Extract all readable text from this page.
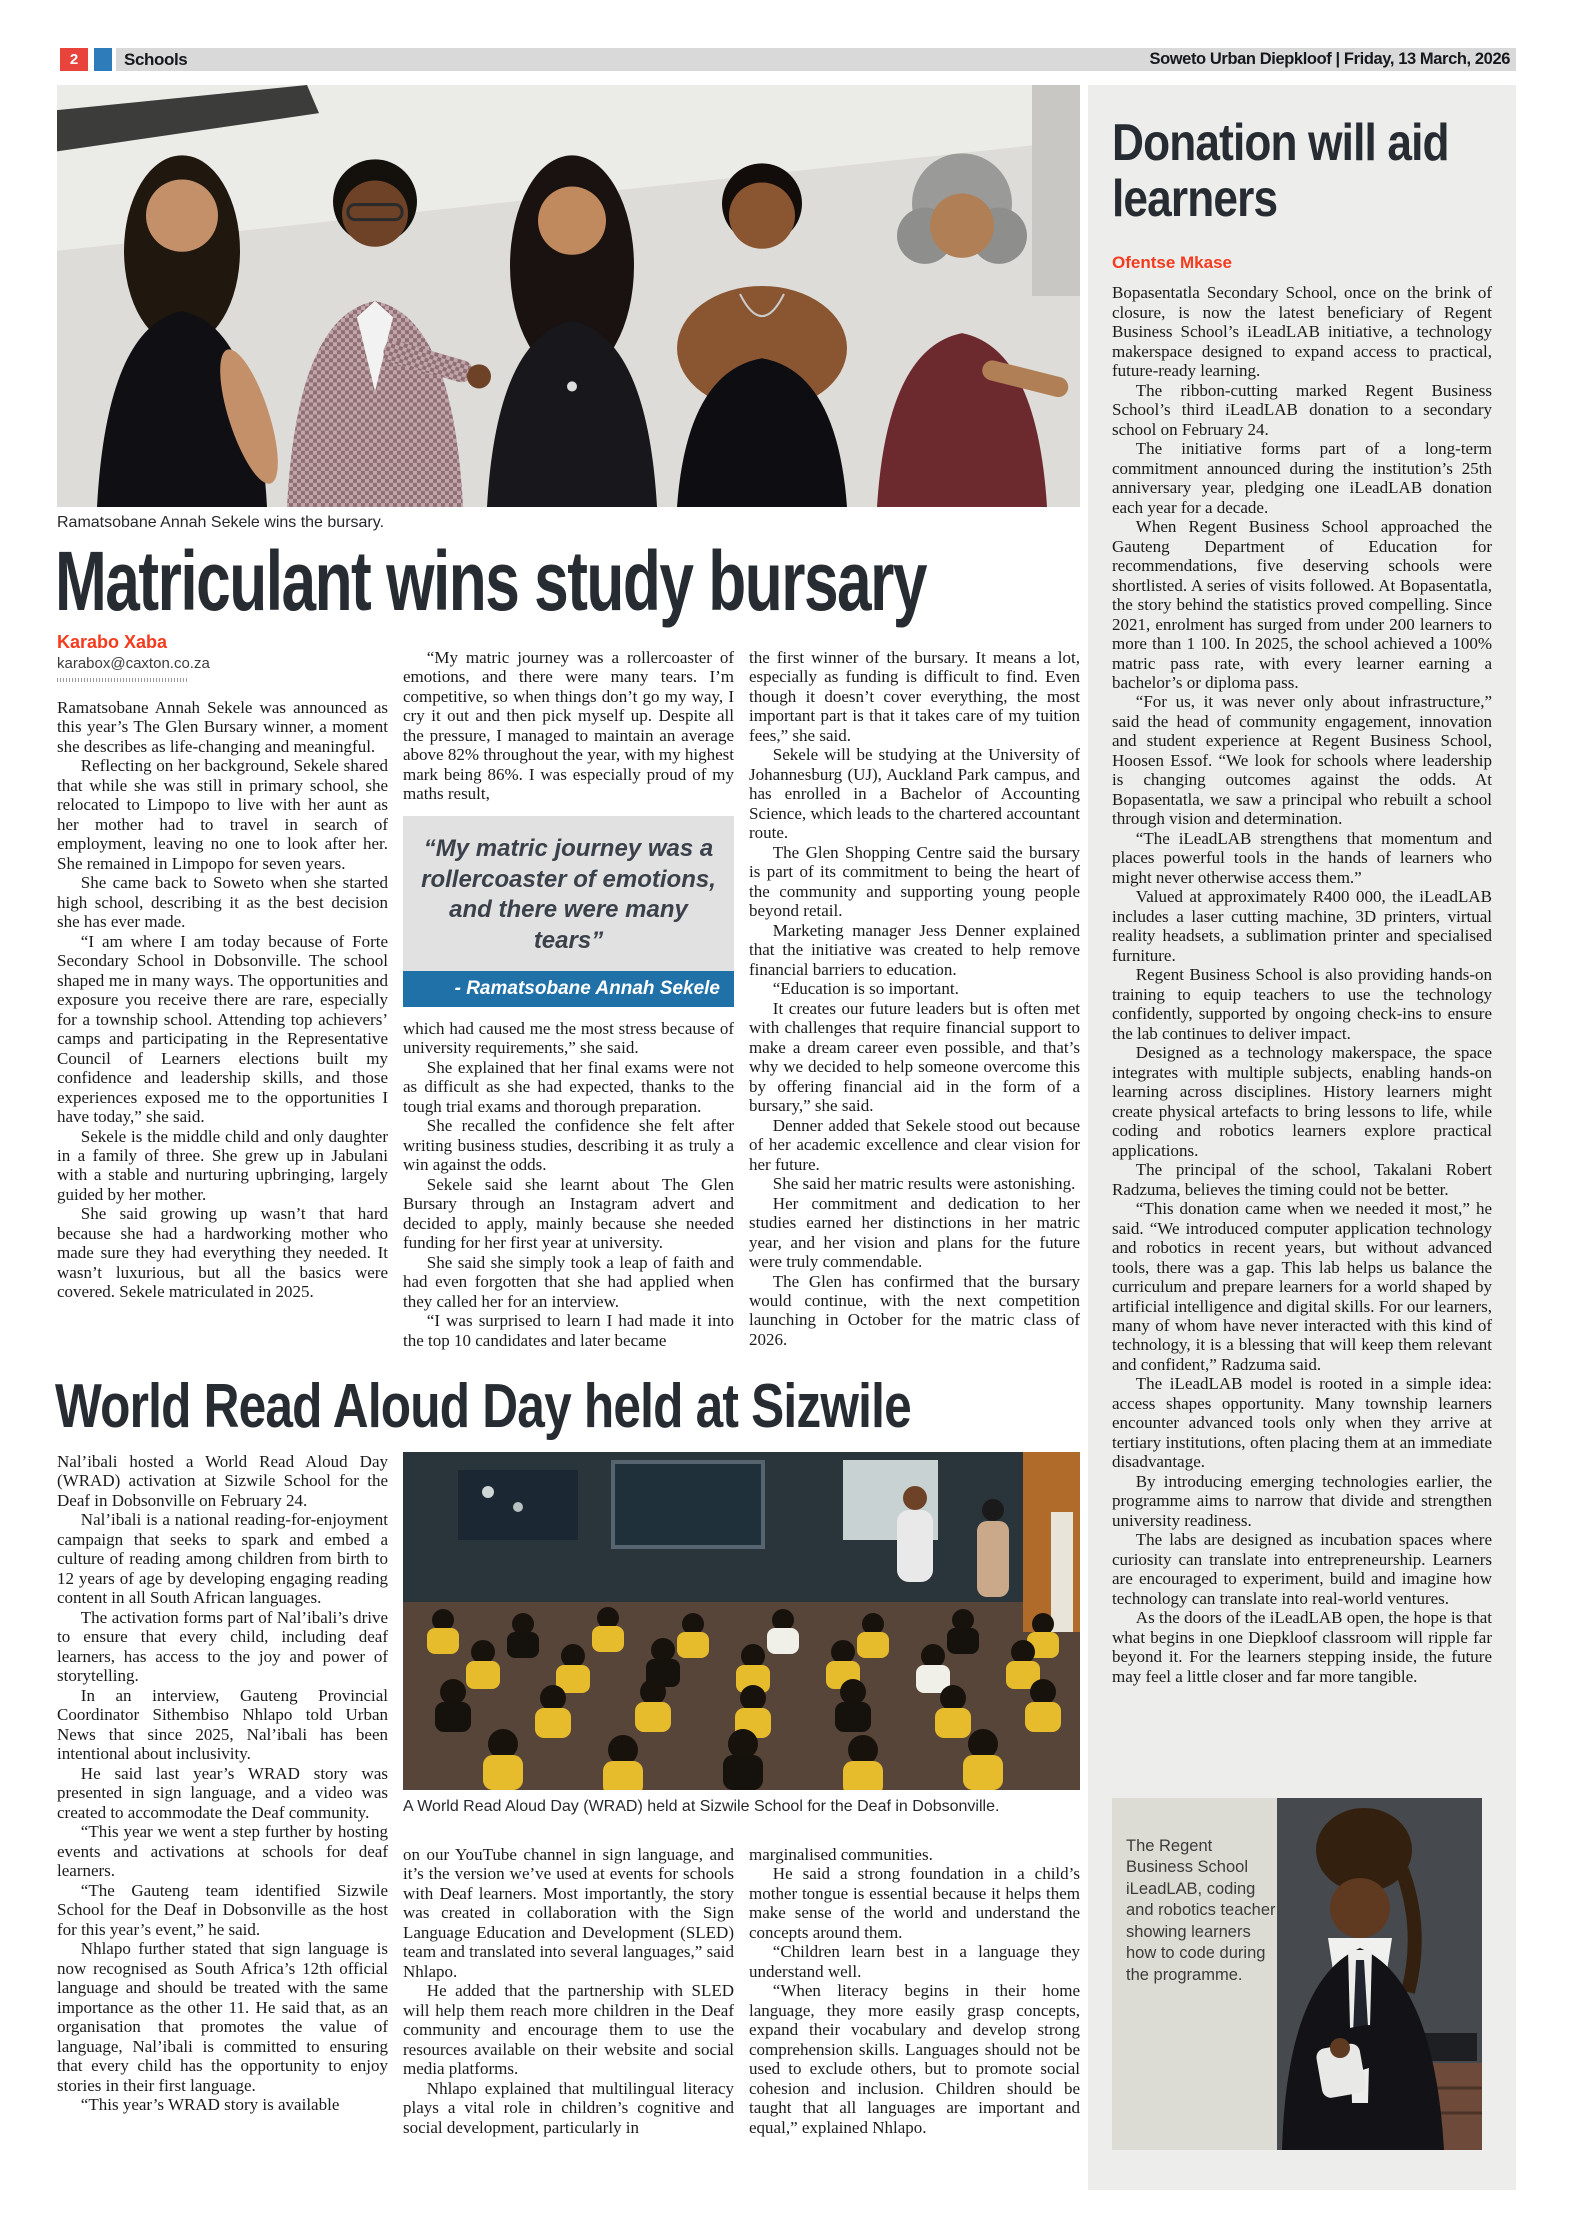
2	Schools	Soweto Urban Diepkloof | Friday, 13 March, 2026
Ramatsobane Annah Sekele wins the bursary.
Matriculant wins study bursary
Karabo Xaba
karabox@caxton.co.za

Ramatsobane Annah Sekele was announced as this year’s The Glen Bursary winner, a moment she describes as life-changing and meaningful.

Reflecting on her background, Sekele shared that while she was still in primary school, she relocated to Limpopo to live with her aunt as her mother had to travel in search of employment, leaving no one to look after her. She remained in Limpopo for seven years.

She came back to Soweto when she started high school, describing it as the best decision she has ever made.

“I am where I am today because of Forte Secondary School in Dobsonville. The school shaped me in many ways. The opportunities and exposure you receive there are rare, especially for a township school. Attending top achievers’ camps and participating in the Representative Council of Learners elections built my confidence and leadership skills, and those experiences exposed me to the opportunities I have today,” she said.

Sekele is the middle child and only daughter in a family of three. She grew up in Jabulani with a stable and nurturing upbringing, largely guided by her mother.

She said growing up wasn’t that hard because she had a hardworking mother who made sure they had everything they needed. It wasn’t luxurious, but all the basics were covered. Sekele matriculated in 2025.

“My matric journey was a rollercoaster of emotions, and there were many tears. I’m competitive, so when things don’t go my way, I cry it out and then pick myself up. Despite all the pressure, I managed to maintain an average above 82% throughout the year, with my highest mark being 86%. I was especially proud of my maths result,

“My matric journey was a rollercoaster of emotions, and there were many tears”
- Ramatsobane Annah Sekele

which had caused me the most stress because of university requirements,” she said.

She explained that her final exams were not as difficult as she had expected, thanks to the tough trial exams and thorough preparation.

She recalled the confidence she felt after writing business studies, describing it as truly a win against the odds.

Sekele said she learnt about The Glen Bursary through an Instagram advert and decided to apply, mainly because she needed funding for her first year at university.

She said she simply took a leap of faith and had even forgotten that she had applied when they called her for an interview.

“I was surprised to learn I had made it into the top 10 candidates and later became

the first winner of the bursary. It means a lot, especially as funding is difficult to find. Even though it doesn’t cover everything, the most important part is that it takes care of my tuition fees,” she said.

Sekele will be studying at the University of Johannesburg (UJ), Auckland Park campus, and has enrolled in a Bachelor of Accounting Science, which leads to the chartered accountant route.

The Glen Shopping Centre said the bursary is part of its commitment to being the heart of the community and supporting young people beyond retail.

Marketing manager Jess Denner explained that the initiative was created to help remove financial barriers to education.

“Education is so important.

It creates our future leaders but is often met with challenges that require financial support to make a dream career even possible, and that’s why we decided to help someone overcome this by offering financial aid in the form of a bursary,” she said.

Denner added that Sekele stood out because of her academic excellence and clear vision for her future.

She said her matric results were astonishing.

Her commitment and dedication to her studies earned her distinctions in her matric year, and her vision and plans for the future were truly commendable.

The Glen has confirmed that the bursary would continue, with the next competition launching in October for the matric class of 2026.

World Read Aloud Day held at Sizwile

Nal’ibali hosted a World Read Aloud Day (WRAD) activation at Sizwile School for the Deaf in Dobsonville on February 24.

Nal’ibali is a national reading-for-enjoyment campaign that seeks to spark and embed a culture of reading among children from birth to 12 years of age by developing engaging reading content in all South African languages.

The activation forms part of Nal’ibali’s drive to ensure that every child, including deaf learners, has access to the joy and power of storytelling.

In an interview, Gauteng Provincial Coordinator Sithembiso Nhlapo told Urban News that since 2025, Nal’ibali has been intentional about inclusivity.

He said last year’s WRAD story was presented in sign language, and a video was created to accommodate the Deaf community.

“This year we went a step further by hosting events and activations at schools for deaf learners.

“The Gauteng team identified Sizwile School for the Deaf in Dobsonville as the host for this year’s event,” he said.

Nhlapo further stated that sign language is now recognised as South Africa’s 12th official language and should be treated with the same importance as the other 11. He said that, as an organisation that promotes the value of language, Nal’ibali is committed to ensuring that every child has the opportunity to enjoy stories in their first language.

“This year’s WRAD story is available

A World Read Aloud Day (WRAD) held at Sizwile School for the Deaf in Dobsonville.

on our YouTube channel in sign language, and it’s the version we’ve used at events for schools with Deaf learners. Most importantly, the story was created in collaboration with the Sign Language Education and Development (SLED) team and translated into several languages,” said Nhlapo.

He added that the partnership with SLED will help them reach more children in the Deaf community and encourage them to use the resources available on their website and social media platforms.

Nhlapo explained that multilingual literacy plays a vital role in children’s cognitive and social development, particularly in

marginalised communities.

He said a strong foundation in a child’s mother tongue is essential because it helps them make sense of the world and understand the concepts around them.

“Children learn best in a language they understand well.

“When literacy begins in their home language, they more easily grasp concepts, expand their vocabulary and develop strong comprehension skills. Languages should not be used to exclude others, but to promote social cohesion and inclusion. Children should be taught that all languages are important and equal,” explained Nhlapo.

Donation will aid learners
Ofentse Mkase

Bopasentatla Secondary School, once on the brink of closure, is now the latest beneficiary of Regent Business School’s iLeadLAB initiative, a technology makerspace designed to expand access to practical, future-ready learning.

The ribbon-cutting marked Regent Business School’s third iLeadLAB donation to a secondary school on February 24.

The initiative forms part of a long-term commitment announced during the institution’s 25th anniversary year, pledging one iLeadLAB donation each year for a decade.

When Regent Business School approached the Gauteng Department of Education for recommendations, five deserving schools were shortlisted. A series of visits followed. At Bopasentatla, the story behind the statistics proved compelling. Since 2021, enrolment has surged from under 200 learners to more than 1 100. In 2025, the school achieved a 100% matric pass rate, with every learner earning a bachelor’s or diploma pass.

“For us, it was never only about infrastructure,” said the head of community engagement, innovation and student experience at Regent Business School, Hoosen Essof. “We look for schools where leadership is changing outcomes against the odds. At Bopasentatla, we saw a principal who rebuilt a school through vision and determination.

“The iLeadLAB strengthens that momentum and places powerful tools in the hands of learners who might never otherwise access them.”

Valued at approximately R400 000, the iLeadLAB includes a laser cutting machine, 3D printers, virtual reality headsets, a sublimation printer and specialised furniture.

Regent Business School is also providing hands-on training to equip teachers to use the technology confidently, supported by ongoing check-ins to ensure the lab continues to deliver impact.

Designed as a technology makerspace, the space integrates with multiple subjects, enabling hands-on learning across disciplines. History learners might create physical artefacts to bring lessons to life, while coding and robotics learners explore practical applications.

The principal of the school, Takalani Robert Radzuma, believes the timing could not be better.

“This donation came when we needed it most,” he said. “We introduced computer application technology and robotics in recent years, but without advanced tools, there was a gap. This lab helps us balance the curriculum and prepare learners for a world shaped by artificial intelligence and digital skills. For our learners, many of whom have never interacted with this kind of technology, it is a blessing that will keep them relevant and confident,” Radzuma said.

The iLeadLAB model is rooted in a simple idea: access shapes opportunity. Many township learners encounter advanced tools only when they arrive at tertiary institutions, often placing them at an immediate disadvantage.

By introducing emerging technologies earlier, the programme aims to narrow that divide and strengthen university readiness.

The labs are designed as incubation spaces where curiosity can translate into entrepreneurship. Learners are encouraged to experiment, build and imagine how technology can translate into real-world ventures.

As the doors of the iLeadLAB open, the hope is that what begins in one Diepkloof classroom will ripple far beyond it. For the learners stepping inside, the future may feel a little closer and far more tangible.

The Regent Business School iLeadLAB, coding and robotics teacher showing learners how to code during the programme.
